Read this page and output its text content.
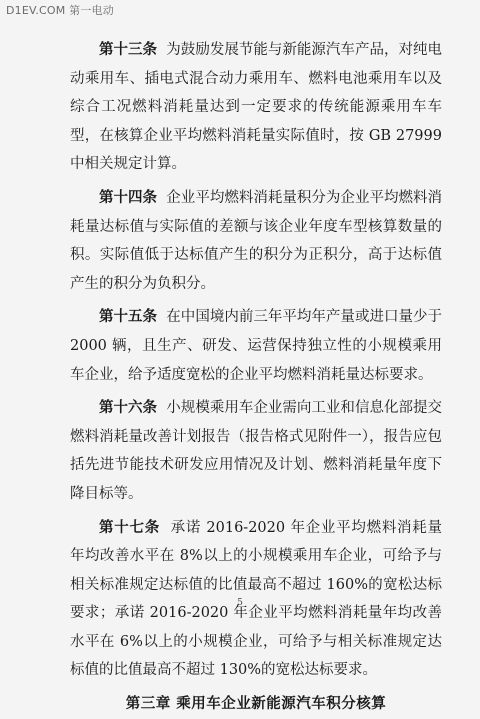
D1EV.COM 第一电动

第十三条 为鼓励发展节能与新能源汽车产品，对纯电动乘用车、插电式混合动力乘用车、燃料电池乘用车以及综合工况燃料消耗量达到一定要求的传统能源乘用车车型，在核算企业平均燃料消耗量实际值时，按 GB 27999 中相关规定计算。

第十四条 企业平均燃料消耗量积分为企业平均燃料消耗量达标值与实际值的差额与该企业年度车型核算数量的积。实际值低于达标值产生的积分为正积分，高于达标值产生的积分为负积分。

第十五条 在中国境内前三年平均年产量或进口量少于 2000 辆，且生产、研发、运营保持独立性的小规模乘用车企业，给予适度宽松的企业平均燃料消耗量达标要求。

第十六条 小规模乘用车企业需向工业和信息化部提交燃料消耗量改善计划报告（报告格式见附件一），报告应包括先进节能技术研发应用情况及计划、燃料消耗量年度下降目标等。

第十七条 承诺 2016-2020 年企业平均燃料消耗量年均改善水平在 8%以上的小规模乘用车企业，可给予与相关标准规定达标值的比值最高不超过 160%的宽松达标要求；承诺 2016-2020 年企业平均燃料消耗量年均改善水平在 6%以上的小规模企业，可给予与相关标准规定达标值的比值最高不超过 130%的宽松达标要求。

第三章 乘用车企业新能源汽车积分核算
5
